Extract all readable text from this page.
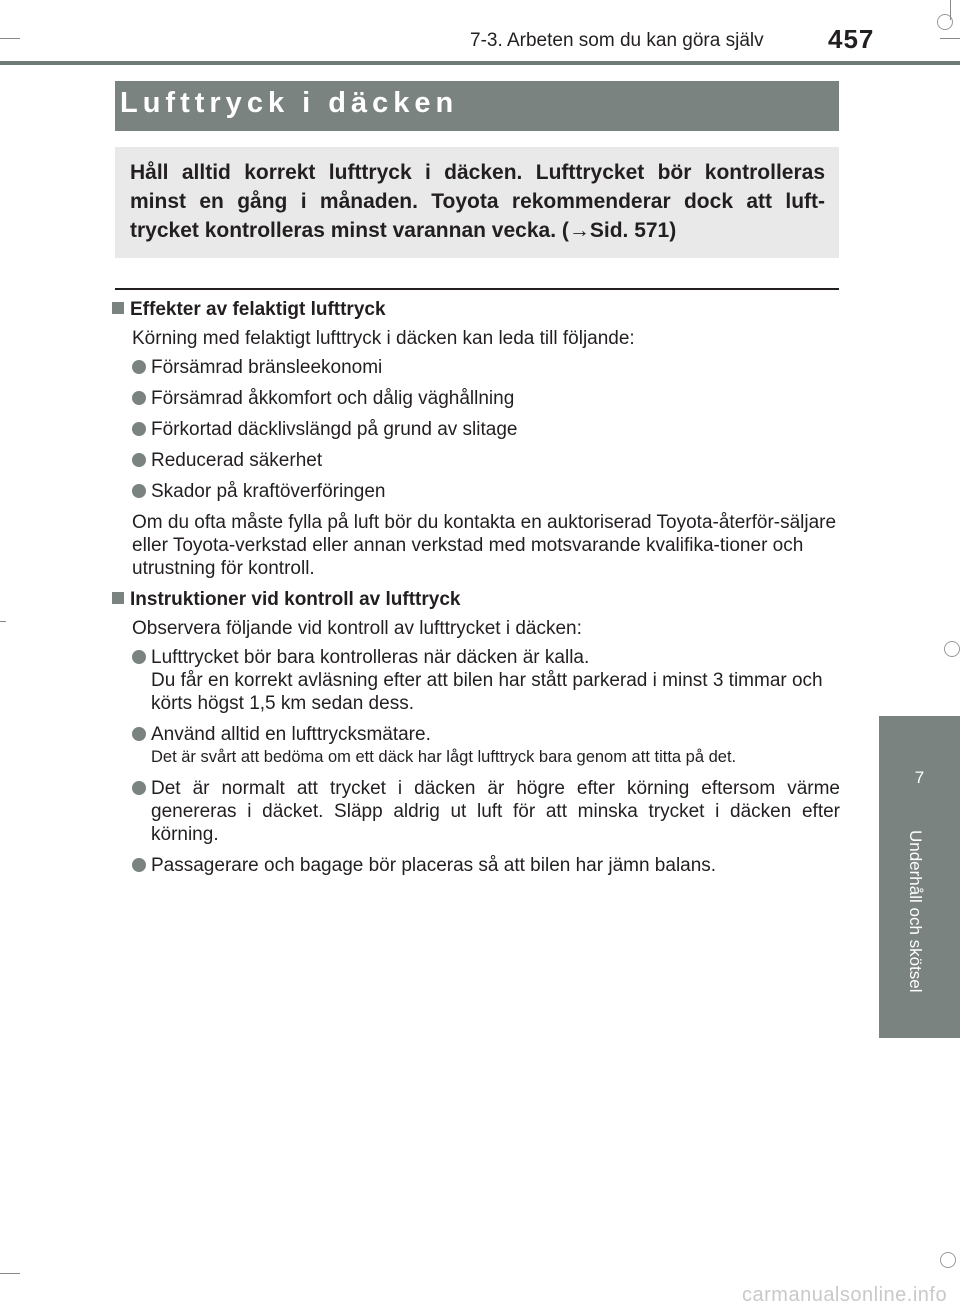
7-3. Arbeten som du kan göra själv 457
Lufttryck i däcken
Håll alltid korrekt lufttryck i däcken. Lufttrycket bör kontrolleras minst en gång i månaden. Toyota rekommenderar dock att luft-trycket kontrolleras minst varannan vecka. (→Sid. 571)
Effekter av felaktigt lufttryck
Körning med felaktigt lufttryck i däcken kan leda till följande:
Försämrad bränsleekonomi
Försämrad åkkomfort och dålig väghållning
Förkortad däcklivslängd på grund av slitage
Reducerad säkerhet
Skador på kraftöverföringen
Om du ofta måste fylla på luft bör du kontakta en auktoriserad Toyota-återför-säljare eller Toyota-verkstad eller annan verkstad med motsvarande kvalifika-tioner och utrustning för kontroll.
Instruktioner vid kontroll av lufttryck
Observera följande vid kontroll av lufttrycket i däcken:
Lufttrycket bör bara kontrolleras när däcken är kalla.
Du får en korrekt avläsning efter att bilen har stått parkerad i minst 3 timmar och körts högst 1,5 km sedan dess.
Använd alltid en lufttrycksmätare.
Det är svårt att bedöma om ett däck har lågt lufttryck bara genom att titta på det.
Det är normalt att trycket i däcken är högre efter körning eftersom värme genereras i däcket. Släpp aldrig ut luft för att minska trycket i däcken efter körning.
Passagerare och bagage bör placeras så att bilen har jämn balans.
7
Underhåll och skötsel
carmanualsonline.info
